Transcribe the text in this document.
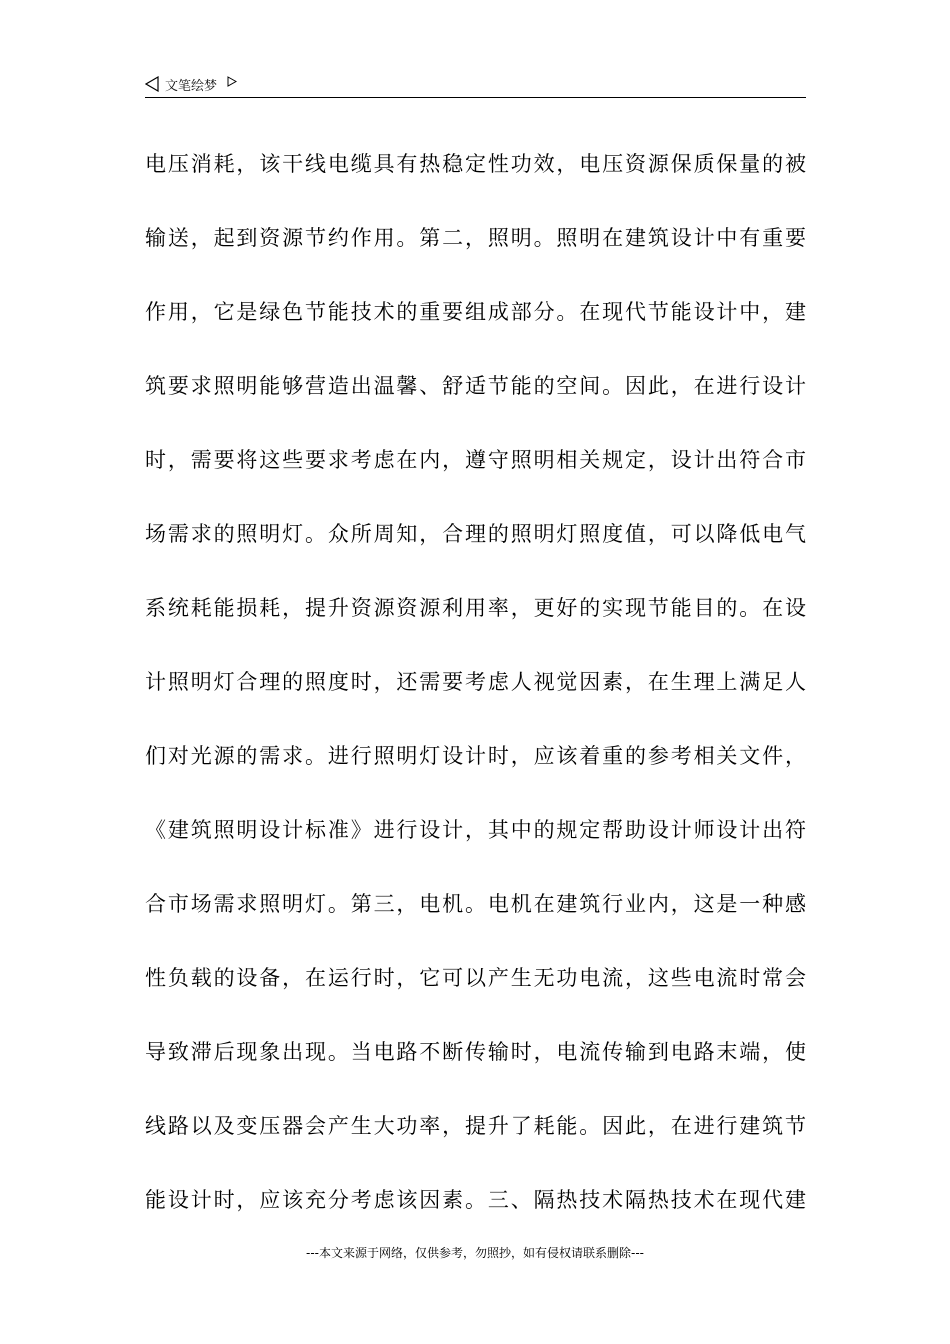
文笔绘梦
电压消耗，该干线电缆具有热稳定性功效，电压资源保质保量的被
输送，起到资源节约作用。第二，照明。照明在建筑设计中有重要
作用，它是绿色节能技术的重要组成部分。在现代节能设计中，建
筑要求照明能够营造出温馨、舒适节能的空间。因此，在进行设计
时，需要将这些要求考虑在内，遵守照明相关规定，设计出符合市
场需求的照明灯。众所周知，合理的照明灯照度值，可以降低电气
系统耗能损耗，提升资源资源利用率，更好的实现节能目的。在设
计照明灯合理的照度时，还需要考虑人视觉因素，在生理上满足人
们对光源的需求。进行照明灯设计时，应该着重的参考相关文件，
《建筑照明设计标准》进行设计，其中的规定帮助设计师设计出符
合市场需求照明灯。第三，电机。电机在建筑行业内，这是一种感
性负载的设备，在运行时，它可以产生无功电流，这些电流时常会
导致滞后现象出现。当电路不断传输时，电流传输到电路末端，使
线路以及变压器会产生大功率，提升了耗能。因此，在进行建筑节
能设计时，应该充分考虑该因素。三、隔热技术隔热技术在现代建
---本文来源于网络，仅供参考，勿照抄，如有侵权请联系删除---
